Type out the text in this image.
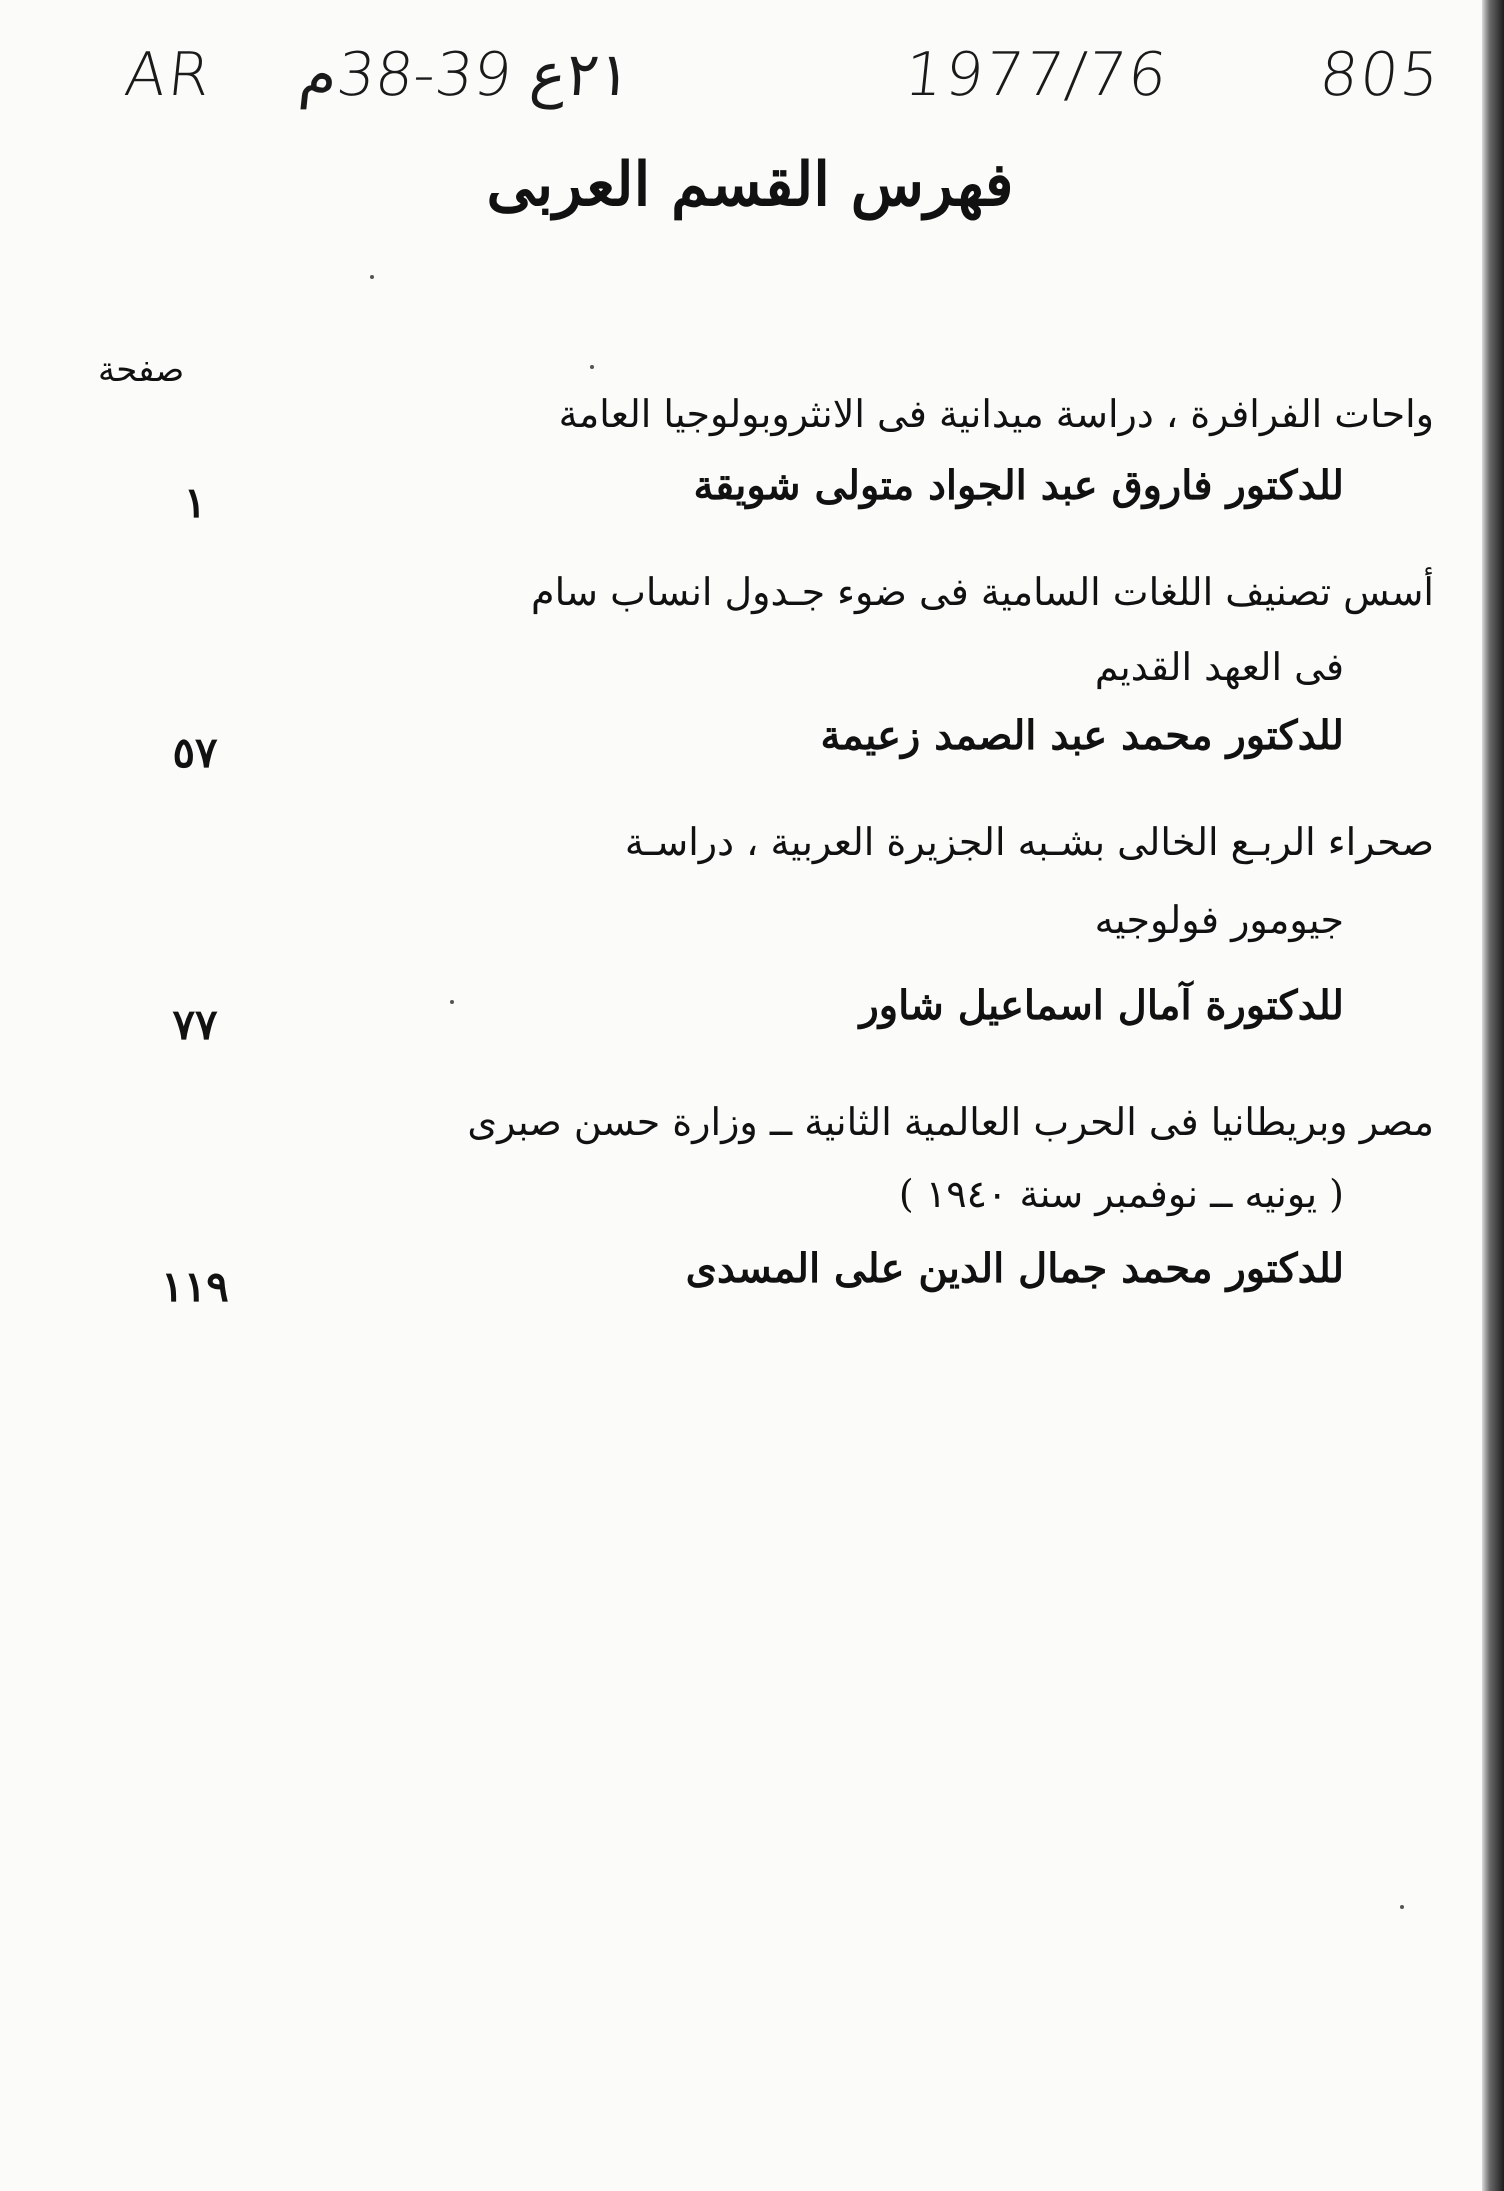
AR ٢١ع 39-38م	1977/76 805
فهرس القسم العربى
صفحة
واحات الفرافرة ، دراسة ميدانية فى الانثروبولوجيا العامة
للدكتور فاروق عبد الجواد متولى شويقة
١
أسس تصنيف اللغات السامية فى ضوء جـدول انساب سام
فى العهد القديم
للدكتور محمد عبد الصمد زعيمة
٥٧
صحراء الربـع الخالى بشـبه الجزيرة العربية ، دراسـة
جيومور فولوجيه
للدكتورة آمال اسماعيل شاور
٧٧
مصر وبريطانيا فى الحرب العالمية الثانية ــ وزارة حسن صبرى
( يونيه ــ نوفمبر سنة ١٩٤٠ )
للدكتور محمد جمال الدين على المسدى
١١٩
